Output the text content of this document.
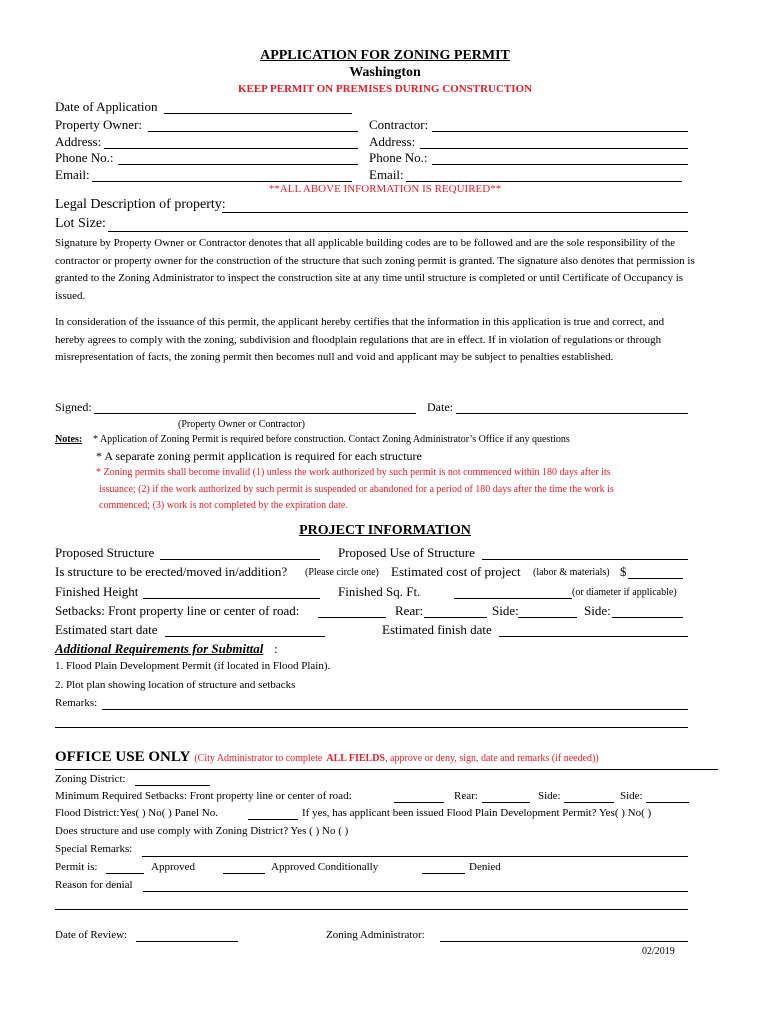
APPLICATION FOR ZONING PERMIT
Washington
KEEP PERMIT ON PREMISES DURING CONSTRUCTION
Date of Application
Property Owner:	Contractor:
Address:	Address:
Phone No.:	Phone No.:
Email:	Email:
**ALL ABOVE INFORMATION IS REQUIRED**
Legal Description of property:
Lot Size:
Signature by Property Owner or Contractor denotes that all applicable building codes are to be followed and are the sole responsibility of the contractor or property owner for the construction of the structure that such zoning permit is granted. The signature also denotes that permission is granted to the Zoning Administrator to inspect the construction site at any time until structure is completed or until Certificate of Occupancy is issued.
In consideration of the issuance of this permit, the applicant hereby certifies that the information in this application is true and correct, and hereby agrees to comply with the zoning, subdivision and floodplain regulations that are in effect. If in violation of regulations or through misrepresentation of facts, the zoning permit then becomes null and void and applicant may be subject to penalties established.
Signed:	Date:
(Property Owner or Contractor)
Notes: * Application of Zoning Permit is required before construction. Contact Zoning Administrator’s Office if any questions
* A separate zoning permit application is required for each structure
* Zoning permits shall become invalid (1) unless the work authorized by such permit is not commenced within 180 days after its
issuance; (2) if the work authorized by such permit is suspended or abandoned for a period of 180 days after the time the work is
commenced; (3) work is not completed by the expiration date.
PROJECT INFORMATION
Proposed Structure	Proposed Use of Structure
Is structure to be erected/moved in/addition? (Please circle one) Estimated cost of project (labor & materials) $
Finished Height	Finished Sq. Ft.	(or diameter if applicable)
Setbacks: Front property line or center of road:	Rear:	Side:	Side:
Estimated start date	Estimated finish date
Additional Requirements for Submittal :
1. Flood Plain Development Permit (if located in Flood Plain).
2. Plot plan showing location of structure and setbacks
Remarks:
OFFICE USE ONLY (City Administrator to complete ALL FIELDS, approve or deny, sign, date and remarks (if needed))
Zoning District:
Minimum Required Setbacks: Front property line or center of road:	Rear:	Side:	Side:
Flood District:Yes( ) No( ) Panel No.	If yes, has applicant been issued Flood Plain Development Permit? Yes( ) No( )
Does structure and use comply with Zoning District? Yes ( ) No ( )
Special Remarks:
Permit is:	Approved	Approved Conditionally	Denied
Reason for denial
Date of Review:	Zoning Administrator:
02/2019
